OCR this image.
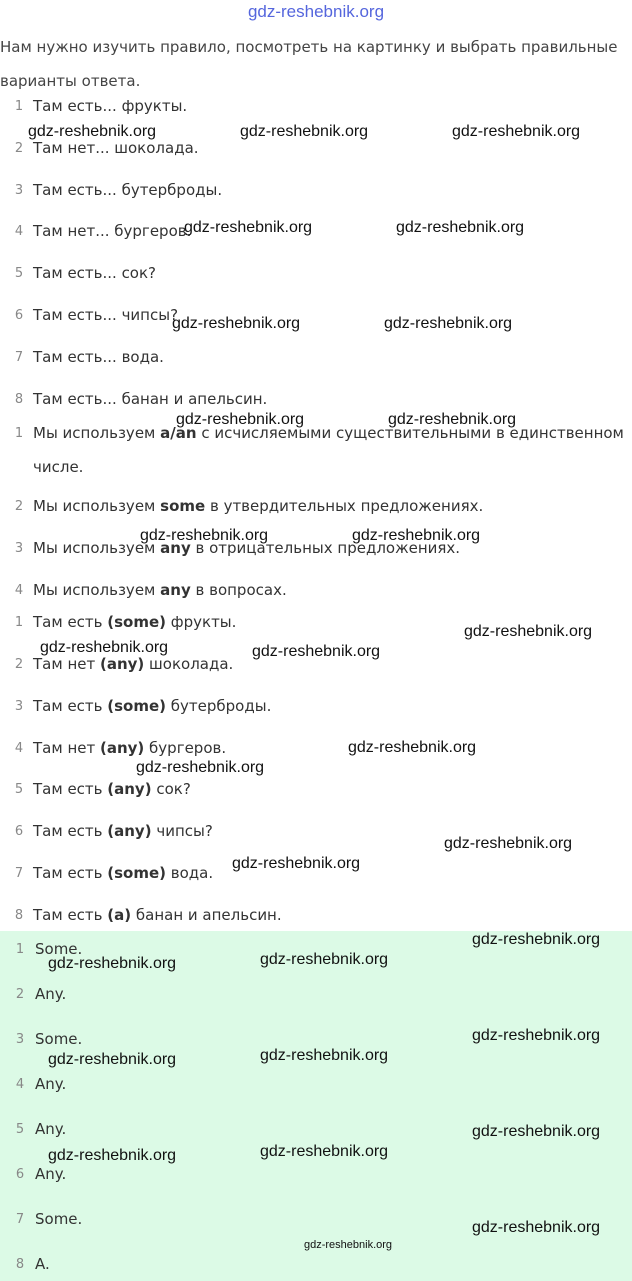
gdz-reshebnik.org
Нам нужно изучить правило, посмотреть на картинку и выбрать правильные варианты ответа.
1 Там есть... фрукты.
2 Там нет... шоколада.
3 Там есть... бутерброды.
4 Там нет... бургеров.
5 Там есть... сок?
6 Там есть... чипсы?
7 Там есть... вода.
8 Там есть... банан и апельсин.
1 Мы используем a/an с исчисляемыми существительными в единственном числе.
2 Мы используем some в утвердительных предложениях.
3 Мы используем any в отрицательных предложениях.
4 Мы используем any в вопросах.
1 Там есть (some) фрукты.
2 Там нет (any) шоколада.
3 Там есть (some) бутерброды.
4 Там нет (any) бургеров.
5 Там есть (any) сок?
6 Там есть (any) чипсы?
7 Там есть (some) вода.
8 Там есть (a) банан и апельсин.
1 Some.
2 Any.
3 Some.
4 Any.
5 Any.
6 Any.
7 Some.
8 A.
gdz-reshebnik.org	gdz-reshebnik.org	gdz-reshebnik.org
gdz-reshebnik.org	gdz-reshebnik.org
gdz-reshebnik.org	gdz-reshebnik.org
gdz-reshebnik.org	gdz-reshebnik.org
gdz-reshebnik.org	gdz-reshebnik.org
gdz-reshebnik.org
gdz-reshebnik.org	gdz-reshebnik.org
gdz-reshebnik.org
gdz-reshebnik.org
gdz-reshebnik.org
gdz-reshebnik.org
gdz-reshebnik.org
gdz-reshebnik.org	gdz-reshebnik.org
gdz-reshebnik.org
gdz-reshebnik.org	gdz-reshebnik.org
gdz-reshebnik.org
gdz-reshebnik.org	gdz-reshebnik.org
gdz-reshebnik.org
gdz-reshebnik.org
